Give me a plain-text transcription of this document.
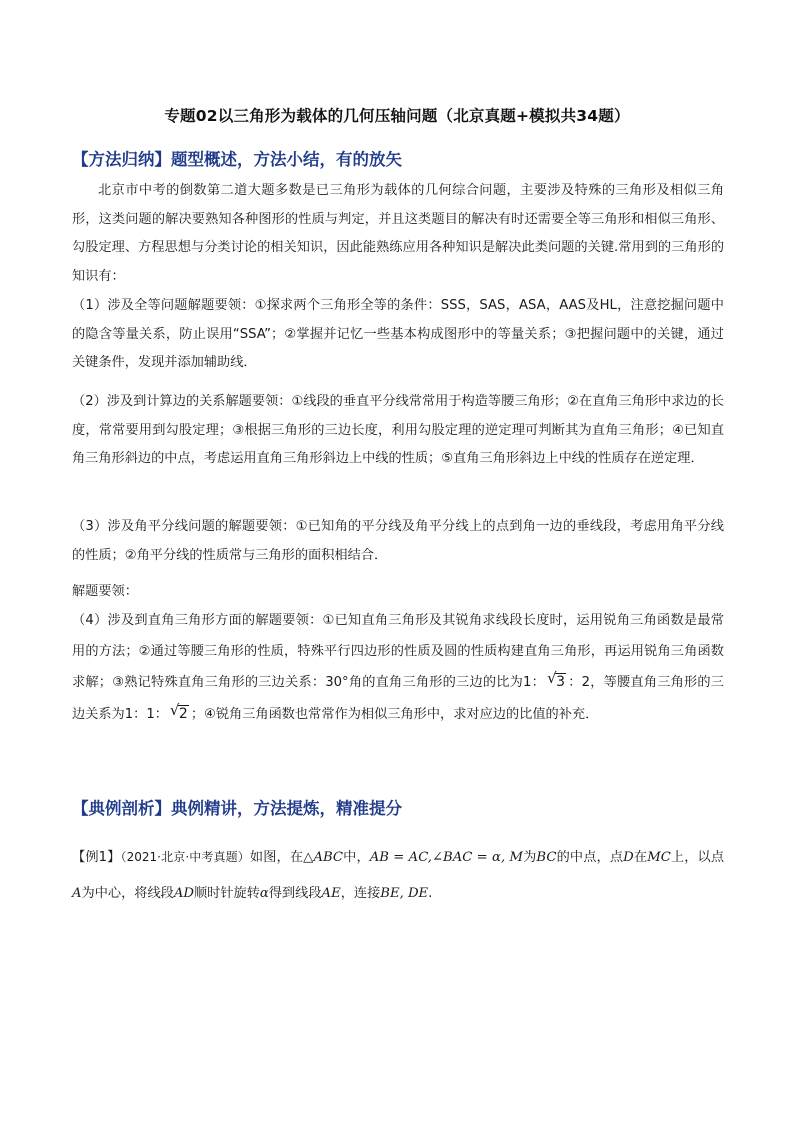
专题02以三角形为载体的几何压轴问题（北京真题+模拟共34题）
【方法归纳】题型概述，方法小结，有的放矢

北京市中考的倒数第二道大题多数是已三角形为载体的几何综合问题，主要涉及特殊的三角形及相似三角形，这类问题的解决要熟知各种图形的性质与判定，并且这类题目的解决有时还需要全等三角形和相似三角形、勾股定理、方程思想与分类讨论的相关知识，因此能熟练应用各种知识是解决此类问题的关键.常用到的三角形的知识有：

（1）涉及全等问题解题要领：①探求两个三角形全等的条件：SSS，SAS，ASA，AAS及HL，注意挖掘问题中的隐含等量关系，防止误用“SSA”；②掌握并记忆一些基本构成图形中的等量关系；③把握问题中的关键，通过关键条件，发现并添加辅助线．

（2）涉及到计算边的关系解题要领：①线段的垂直平分线常常用于构造等腰三角形；②在直角三角形中求边的长度，常常要用到勾股定理；③根据三角形的三边长度，利用勾股定理的逆定理可判断其为直角三角形；④已知直角三角形斜边的中点，考虑运用直角三角形斜边上中线的性质；⑤直角三角形斜边上中线的性质存在逆定理．

（3）涉及角平分线问题的解题要领：①已知角的平分线及角平分线上的点到角一边的垂线段，考虑用角平分线的性质；②角平分线的性质常与三角形的面积相结合．

解题要领：

（4）涉及到直角三角形方面的解题要领：①已知直角三角形及其锐角求线段长度时，运用锐角三角函数是最常用的方法；②通过等腰三角形的性质，特殊平行四边形的性质及圆的性质构建直角三角形，再运用锐角三角函数求解；③熟记特殊直角三角形的三边关系：30°角的直角三角形的三边的比为1： √ 3 ：2，等腰直角三角形的三边关系为1：1： √ 2 ；④锐角三角函数也常常作为相似三角形中，求对应边的比值的补充．

【典例剖析】典例精讲，方法提炼，精准提分

【例1】（2021·北京·中考真题）如图，在△ABC中，AB = AC,∠BAC = α, M为BC的中点，点D在MC上，以点A为中心，将线段AD顺时针旋转α得到线段AE，连接BE, DE.
